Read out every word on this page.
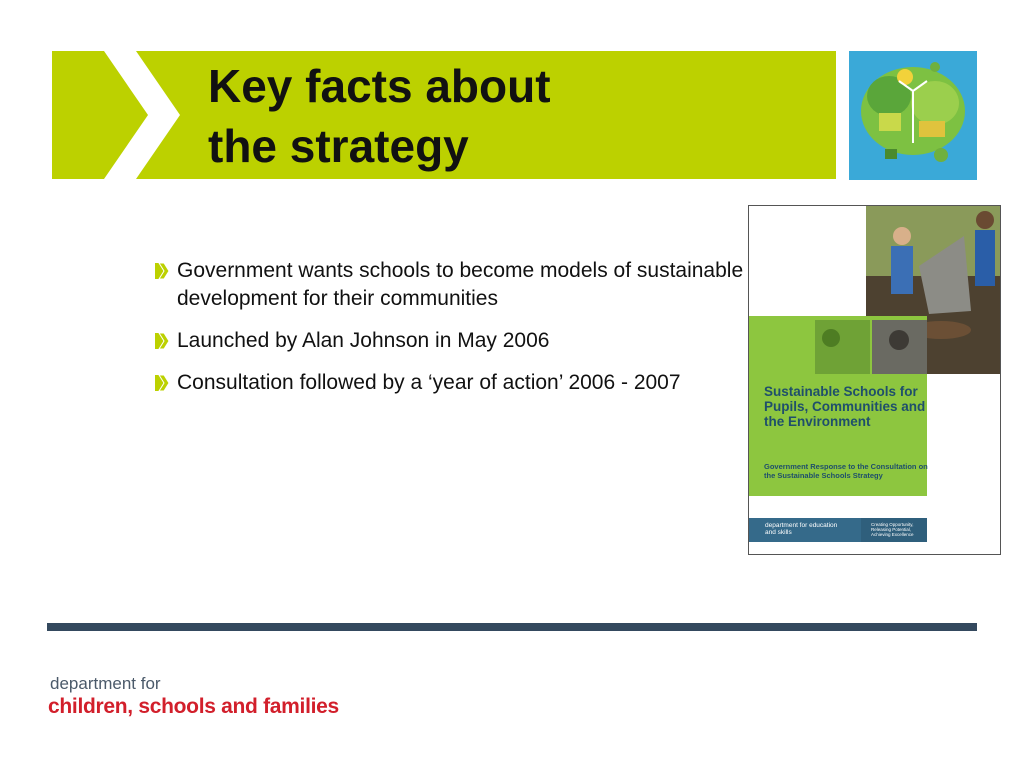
Key facts about
the strategy
Government wants schools to become models of sustainable development for their communities
Launched by Alan Johnson in May 2006
Consultation followed by a ‘year of action’ 2006 - 2007	Sustainable Schools for Pupils, Communities and the Environment
Government Response to the Consultation on the Sustainable Schools Strategy
department for education and skills
Creating Opportunity, Releasing Potential, Achieving Excellence
department for
children, schools and families
